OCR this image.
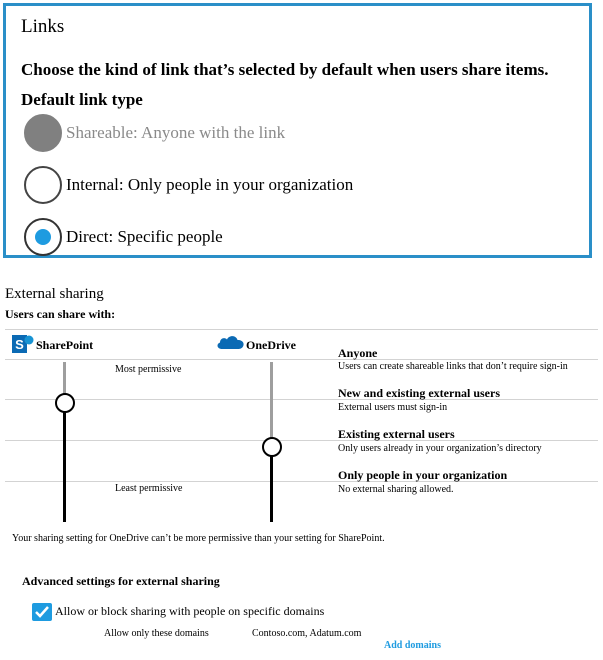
Links
Choose the kind of link that’s selected by default when users share items.
Default link type
Shareable: Anyone with the link
Internal: Only people in your organization
Direct: Specific people
External sharing
Users can share with:
S SharePoint	OneDrive
Most permissive
Least permissive
Anyone
Users can create shareable links that don’t require sign-in
New and existing external users
External users must sign-in
Existing external users
Only users already in your organization’s directory
Only people in your organization
No external sharing allowed.
Your sharing setting for OneDrive can’t be more permissive than your setting for SharePoint.
Advanced settings for external sharing
Allow or block sharing with people on specific domains
Allow only these domains	Contoso.com, Adatum.com
Add domains
